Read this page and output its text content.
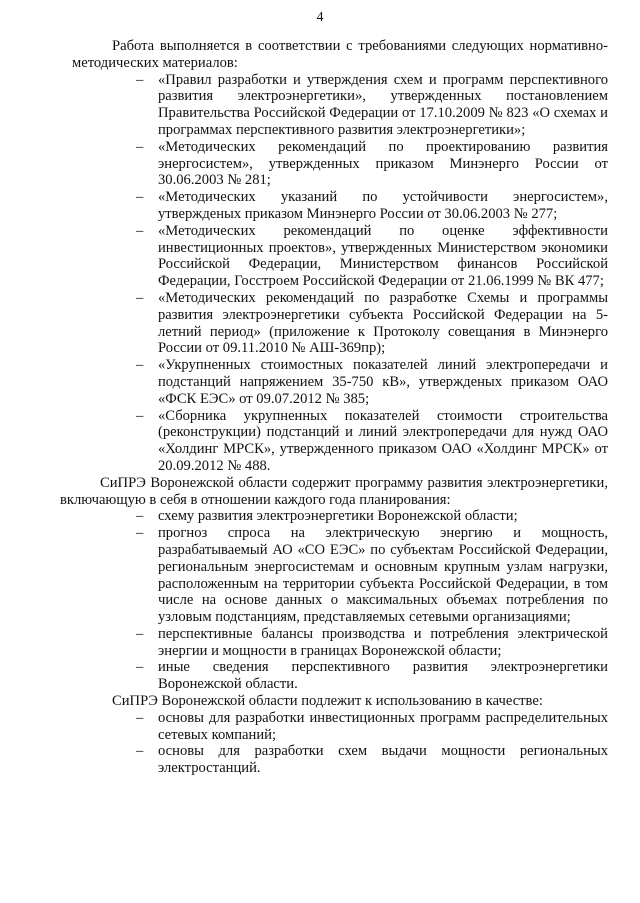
4

Работа выполняется в соответствии с требованиями следующих нормативно-методических материалов:

– «Правил разработки и утверждения схем и программ перспективного развития электроэнергетики», утвержденных постановлением Правительства Российской Федерации от 17.10.2009 № 823 «О схемах и программах перспективного развития электроэнергетики»;
– «Методических рекомендаций по проектированию развития энергосистем», утвержденных приказом Минэнерго России от 30.06.2003 № 281;
– «Методических указаний по устойчивости энергосистем», утвержденых приказом Минэнерго России от 30.06.2003 № 277;
– «Методических рекомендаций по оценке эффективности инвестиционных проектов», утвержденных Министерством экономики Российской Федерации, Министерством финансов Российской Федерации, Госстроем Российской Федерации от 21.06.1999 № ВК 477;
– «Методических рекомендаций по разработке Схемы и программы развития электроэнергетики субъекта Российской Федерации на 5-летний период» (приложение к Протоколу совещания в Минэнерго России от 09.11.2010 № АШ-369пр);
– «Укрупненных стоимостных показателей линий электропередачи и подстанций напряжением 35-750 кВ», утвержденых приказом ОАО «ФСК ЕЭС» от 09.07.2012 № 385;
– «Сборника укрупненных показателей стоимости строительства (реконструкции) подстанций и линий электропередачи для нужд ОАО «Холдинг МРСК», утвержденного приказом ОАО «Холдинг МРСК» от 20.09.2012 № 488.

СиПРЭ Воронежской области содержит программу развития электроэнергетики, включающую в себя в отношении каждого года планирования:

– схему развития электроэнергетики Воронежской области;
– прогноз спроса на электрическую энергию и мощность, разрабатываемый АО «СО ЕЭС» по субъектам Российской Федерации, региональным энергосистемам и основным крупным узлам нагрузки, расположенным на территории субъекта Российской Федерации, в том числе на основе данных о максимальных объемах потребления по узловым подстанциям, представляемых сетевыми организациями;
– перспективные балансы производства и потребления электрической энергии и мощности в границах Воронежской области;
– иные сведения перспективного развития электроэнергетики Воронежской области.

СиПРЭ Воронежской области подлежит к использованию в качестве:

– основы для разработки инвестиционных программ распределительных сетевых компаний;
– основы для разработки схем выдачи мощности региональных электростанций.
